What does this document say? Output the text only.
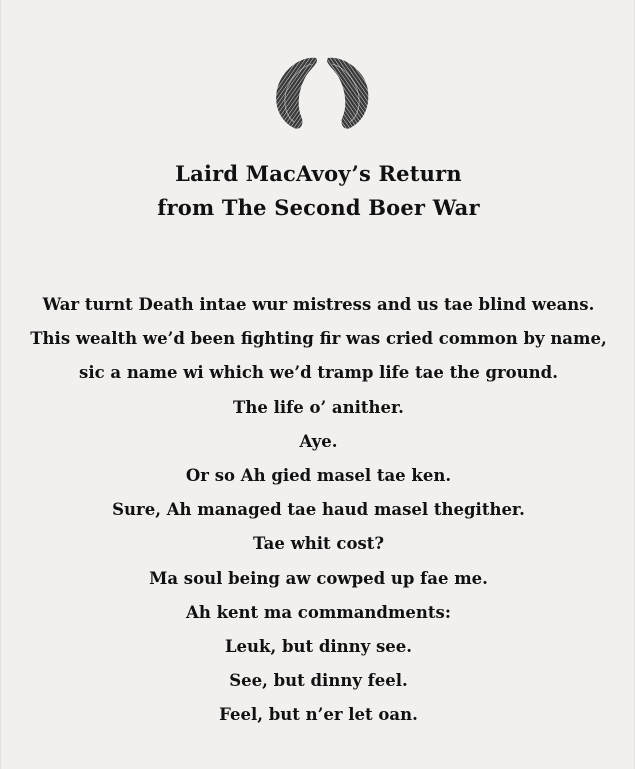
Laird MacAvoy’s Return
from The Second Boer War
War turnt Death intae wur mistress and us tae blind weans.
This wealth we’d been fighting fir was cried common by name,
sic a name wi which we’d tramp life tae the ground.
The life o’ anither.
Aye.
Or so Ah gied masel tae ken.
Sure, Ah managed tae haud masel thegither.
Tae whit cost?
Ma soul being aw cowped up fae me.
Ah kent ma commandments:
Leuk, but dinny see.
See, but dinny feel.
Feel, but n’er let oan.
